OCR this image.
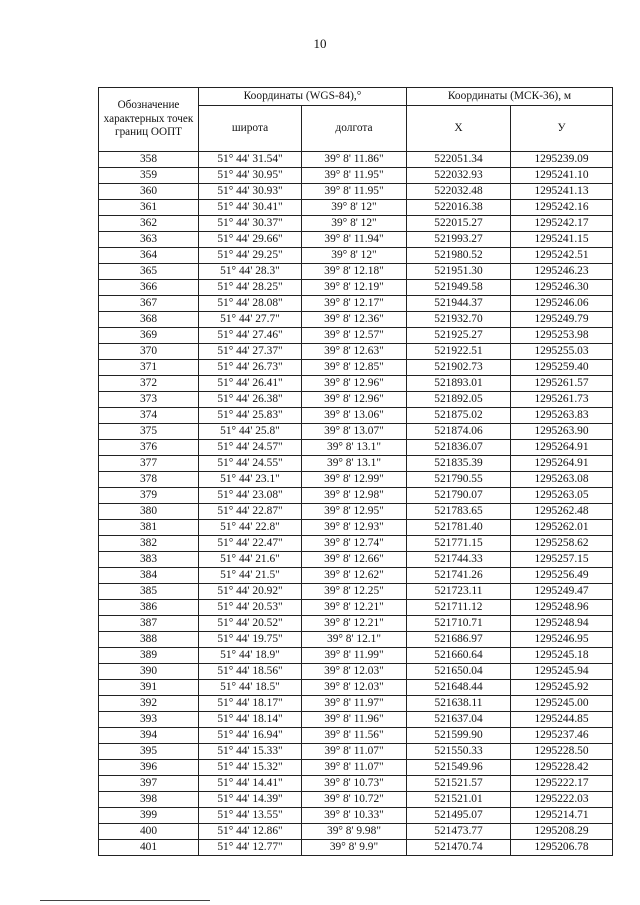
10
Обозначение характерных точек границ ООПТ	Координаты (WGS-84),°		Координаты (МСК-36), м	
	широта	долгота	X	У
358	51° 44' 31.54"	39° 8' 11.86"	522051.34	1295239.09
359	51° 44' 30.95"	39° 8' 11.95"	522032.93	1295241.10
360	51° 44' 30.93"	39° 8' 11.95"	522032.48	1295241.13
361	51° 44' 30.41"	39° 8' 12"	522016.38	1295242.16
362	51° 44' 30.37"	39° 8' 12"	522015.27	1295242.17
363	51° 44' 29.66"	39° 8' 11.94"	521993.27	1295241.15
364	51° 44' 29.25"	39° 8' 12"	521980.52	1295242.51
365	51° 44' 28.3"	39° 8' 12.18"	521951.30	1295246.23
366	51° 44' 28.25"	39° 8' 12.19"	521949.58	1295246.30
367	51° 44' 28.08"	39° 8' 12.17"	521944.37	1295246.06
368	51° 44' 27.7"	39° 8' 12.36"	521932.70	1295249.79
369	51° 44' 27.46"	39° 8' 12.57"	521925.27	1295253.98
370	51° 44' 27.37"	39° 8' 12.63"	521922.51	1295255.03
371	51° 44' 26.73"	39° 8' 12.85"	521902.73	1295259.40
372	51° 44' 26.41"	39° 8' 12.96"	521893.01	1295261.57
373	51° 44' 26.38"	39° 8' 12.96"	521892.05	1295261.73
374	51° 44' 25.83"	39° 8' 13.06"	521875.02	1295263.83
375	51° 44' 25.8"	39° 8' 13.07"	521874.06	1295263.90
376	51° 44' 24.57"	39° 8' 13.1"	521836.07	1295264.91
377	51° 44' 24.55"	39° 8' 13.1"	521835.39	1295264.91
378	51° 44' 23.1"	39° 8' 12.99"	521790.55	1295263.08
379	51° 44' 23.08"	39° 8' 12.98"	521790.07	1295263.05
380	51° 44' 22.87"	39° 8' 12.95"	521783.65	1295262.48
381	51° 44' 22.8"	39° 8' 12.93"	521781.40	1295262.01
382	51° 44' 22.47"	39° 8' 12.74"	521771.15	1295258.62
383	51° 44' 21.6"	39° 8' 12.66"	521744.33	1295257.15
384	51° 44' 21.5"	39° 8' 12.62"	521741.26	1295256.49
385	51° 44' 20.92"	39° 8' 12.25"	521723.11	1295249.47
386	51° 44' 20.53"	39° 8' 12.21"	521711.12	1295248.96
387	51° 44' 20.52"	39° 8' 12.21"	521710.71	1295248.94
388	51° 44' 19.75"	39° 8' 12.1"	521686.97	1295246.95
389	51° 44' 18.9"	39° 8' 11.99"	521660.64	1295245.18
390	51° 44' 18.56"	39° 8' 12.03"	521650.04	1295245.94
391	51° 44' 18.5"	39° 8' 12.03"	521648.44	1295245.92
392	51° 44' 18.17"	39° 8' 11.97"	521638.11	1295245.00
393	51° 44' 18.14"	39° 8' 11.96"	521637.04	1295244.85
394	51° 44' 16.94"	39° 8' 11.56"	521599.90	1295237.46
395	51° 44' 15.33"	39° 8' 11.07"	521550.33	1295228.50
396	51° 44' 15.32"	39° 8' 11.07"	521549.96	1295228.42
397	51° 44' 14.41"	39° 8' 10.73"	521521.57	1295222.17
398	51° 44' 14.39"	39° 8' 10.72"	521521.01	1295222.03
399	51° 44' 13.55"	39° 8' 10.33"	521495.07	1295214.71
400	51° 44' 12.86"	39° 8' 9.98"	521473.77	1295208.29
401	51° 44' 12.77"	39° 8' 9.9"	521470.74	1295206.78
